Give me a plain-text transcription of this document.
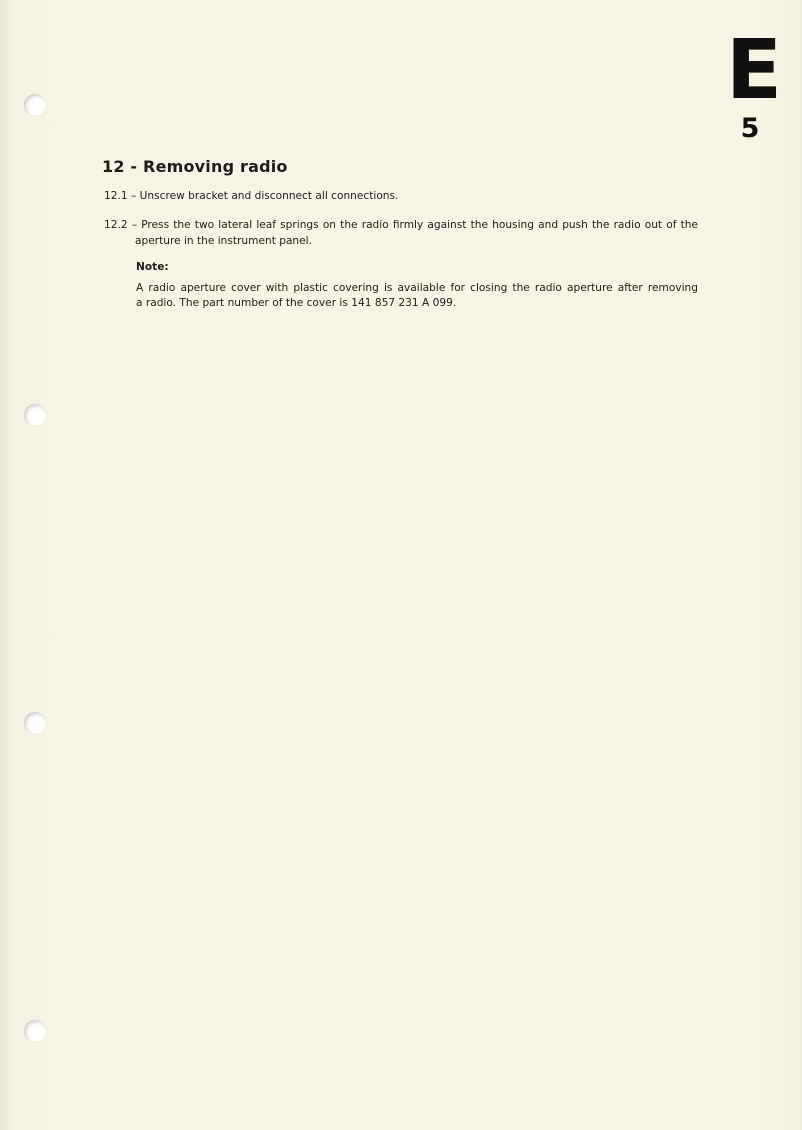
E
5
12 - Removing radio
12.1 – Unscrew bracket and disconnect all connections.
12.2 – Press the two lateral leaf springs on the radio firmly against the housing and push the radio out of the
aperture in the instrument panel.
Note:
A radio aperture cover with plastic covering is available for closing the radio aperture after removing
a radio. The part number of the cover is 141 857 231 A 099.
